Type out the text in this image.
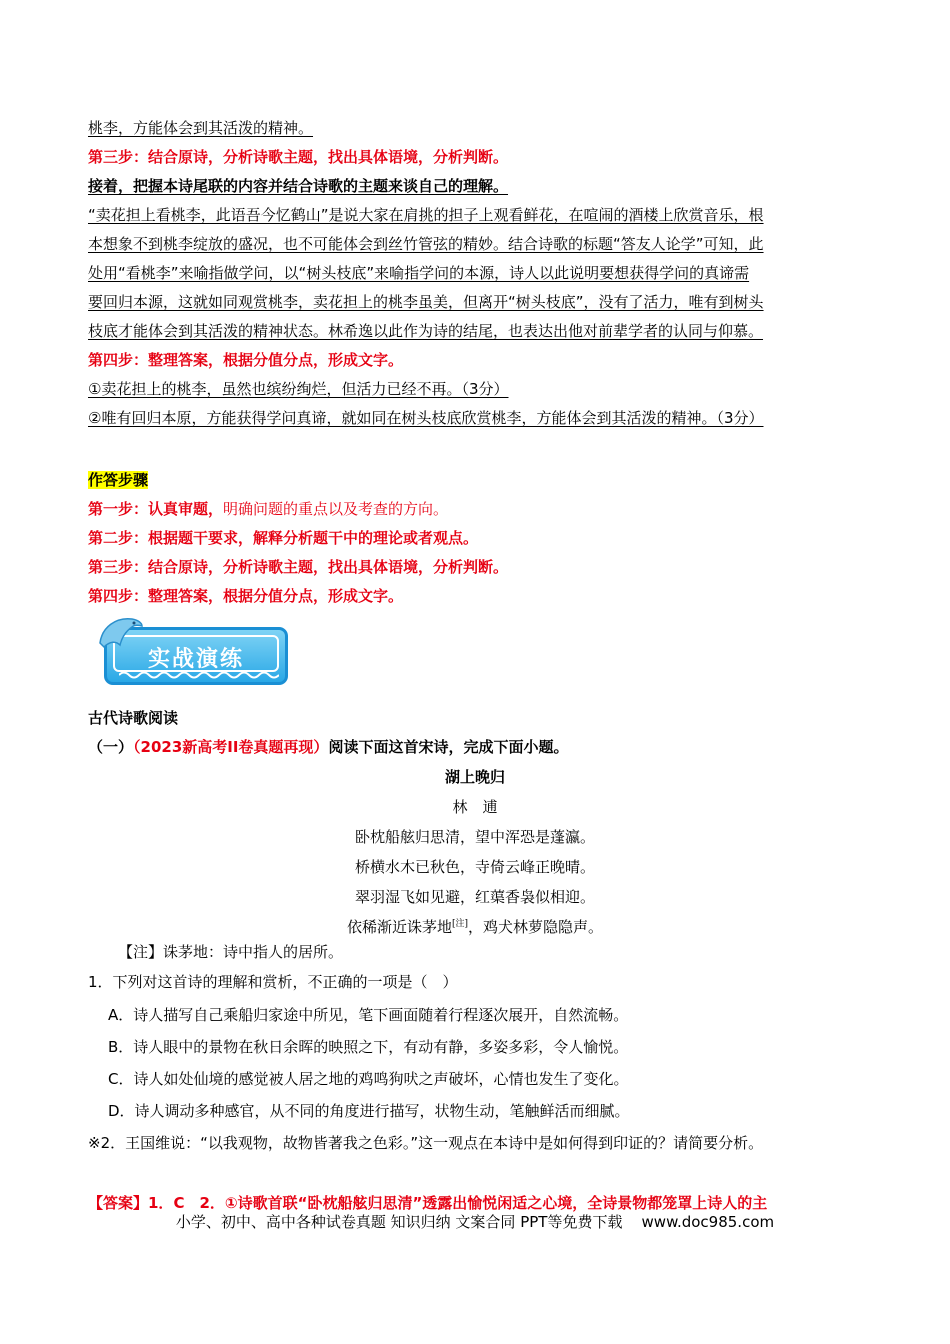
桃李，方能体会到其活泼的精神。
第三步：结合原诗，分析诗歌主题，找出具体语境，分析判断。
接着，把握本诗尾联的内容并结合诗歌的主题来谈自己的理解。
“卖花担上看桃李，此语吾今忆鹤山”是说大家在肩挑的担子上观看鲜花，在喧闹的酒楼上欣赏音乐，根
本想象不到桃李绽放的盛况，也不可能体会到丝竹管弦的精妙。结合诗歌的标题“答友人论学”可知，此
处用“看桃李”来喻指做学问，以“树头枝底”来喻指学问的本源，诗人以此说明要想获得学问的真谛需
要回归本源，这就如同观赏桃李，卖花担上的桃李虽美，但离开“树头枝底”，没有了活力，唯有到树头
枝底才能体会到其活泼的精神状态。林希逸以此作为诗的结尾，也表达出他对前辈学者的认同与仰慕。
第四步：整理答案，根据分值分点，形成文字。
①卖花担上的桃李，虽然也缤纷绚烂，但活力已经不再。（3分）
②唯有回归本原，方能获得学问真谛，就如同在树头枝底欣赏桃李，方能体会到其活泼的精神。（3分）
作答步骤
第一步：认真审题，明确问题的重点以及考查的方向。
第二步：根据题干要求，解释分析题干中的理论或者观点。
第三步：结合原诗，分析诗歌主题，找出具体语境，分析判断。
第四步：整理答案，根据分值分点，形成文字。
实战演练
古代诗歌阅读
（一）（2023新高考II卷真题再现）阅读下面这首宋诗，完成下面小题。
湖上晚归
林　逋
卧枕船舷归思清，望中浑恐是蓬瀛。
桥横水木已秋色，寺倚云峰正晚晴。
翠羽湿飞如见避，红蕖香袅似相迎。
依稀渐近诛茅地[注]，鸡犬林萝隐隐声。
【注】诛茅地：诗中指人的居所。
1．下列对这首诗的理解和赏析，不正确的一项是（　）
A．诗人描写自己乘船归家途中所见，笔下画面随着行程逐次展开，自然流畅。
B．诗人眼中的景物在秋日余晖的映照之下，有动有静，多姿多彩，令人愉悦。
C．诗人如处仙境的感觉被人居之地的鸡鸣狗吠之声破坏，心情也发生了变化。
D．诗人调动多种感官，从不同的角度进行描写，状物生动，笔触鲜活而细腻。
※2．王国维说：“以我观物，故物皆著我之色彩。”这一观点在本诗中是如何得到印证的？请简要分析。
【答案】1．C　2．①诗歌首联“卧枕船舷归思清”透露出愉悦闲适之心境，全诗景物都笼罩上诗人的主
小学、初中、高中各种试卷真题 知识归纳 文案合同 PPT等免费下载 www.doc985.com
